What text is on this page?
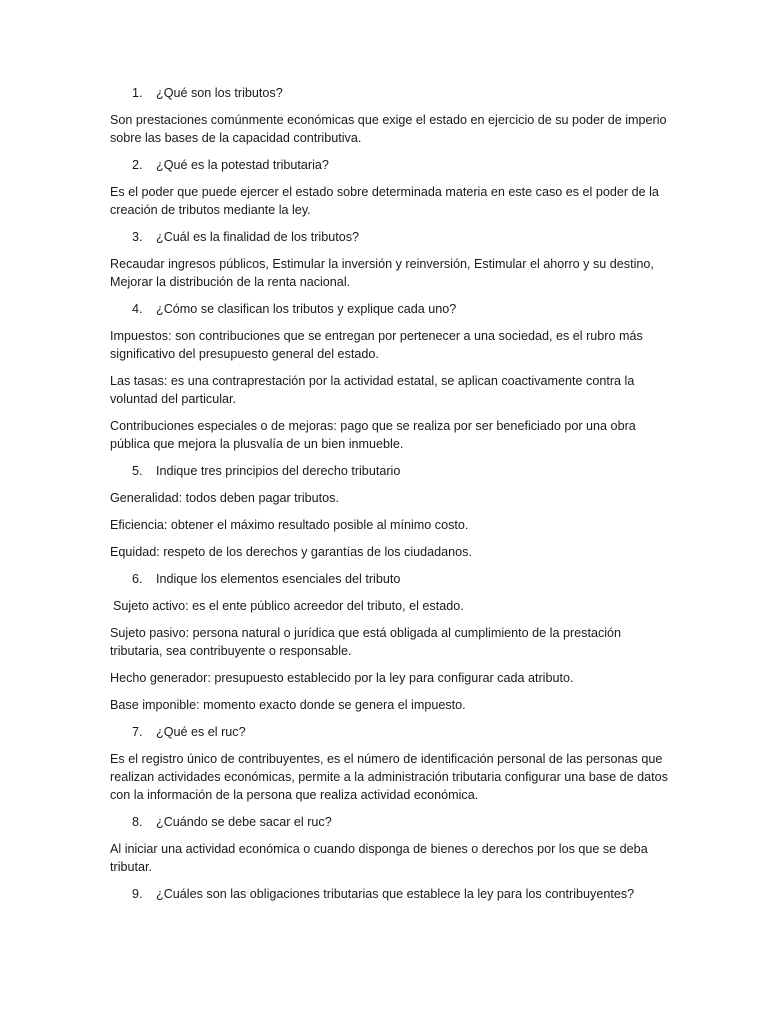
1.	¿Qué son los tributos?
Son prestaciones comúnmente económicas que exige el estado en ejercicio de su poder de imperio sobre las bases de la capacidad contributiva.
2.	¿Qué es la potestad tributaria?
Es el poder que puede ejercer el estado sobre determinada materia en este caso es el poder de la creación de tributos mediante la ley.
3.	¿Cuál es la finalidad de los tributos?
Recaudar ingresos públicos, Estimular la inversión y reinversión, Estimular el ahorro y su destino, Mejorar la distribución de la renta nacional.
4.	¿Cómo se clasifican los tributos y explique cada uno?
Impuestos: son contribuciones que se entregan por pertenecer a una sociedad, es el rubro más significativo del presupuesto general del estado.
Las tasas: es una contraprestación por la actividad estatal, se aplican coactivamente contra la voluntad del particular.
Contribuciones especiales o de mejoras: pago que se realiza por ser beneficiado por una obra pública que mejora la plusvalía de un bien inmueble.
5.	Indique tres principios del derecho tributario
Generalidad: todos deben pagar tributos.
Eficiencia: obtener el máximo resultado posible al mínimo costo.
Equidad: respeto de los derechos y garantías de los ciudadanos.
6.	Indique los elementos esenciales del tributo
Sujeto activo: es el ente público acreedor del tributo, el estado.
Sujeto pasivo: persona natural o jurídica que está obligada al cumplimiento de la prestación tributaria, sea contribuyente o responsable.
Hecho generador: presupuesto establecido por la ley para configurar cada atributo.
Base imponible: momento exacto donde se genera el impuesto.
7.	¿Qué es el ruc?
Es el registro único de contribuyentes, es el número de identificación personal de las personas que realizan actividades económicas, permite a la administración tributaria configurar una base de datos con la información de la persona que realiza actividad económica.
8.	¿Cuándo se debe sacar el ruc?
Al iniciar una actividad económica o cuando disponga de bienes o derechos por los que se deba tributar.
9.	¿Cuáles son las obligaciones tributarias que establece la ley para los contribuyentes?
